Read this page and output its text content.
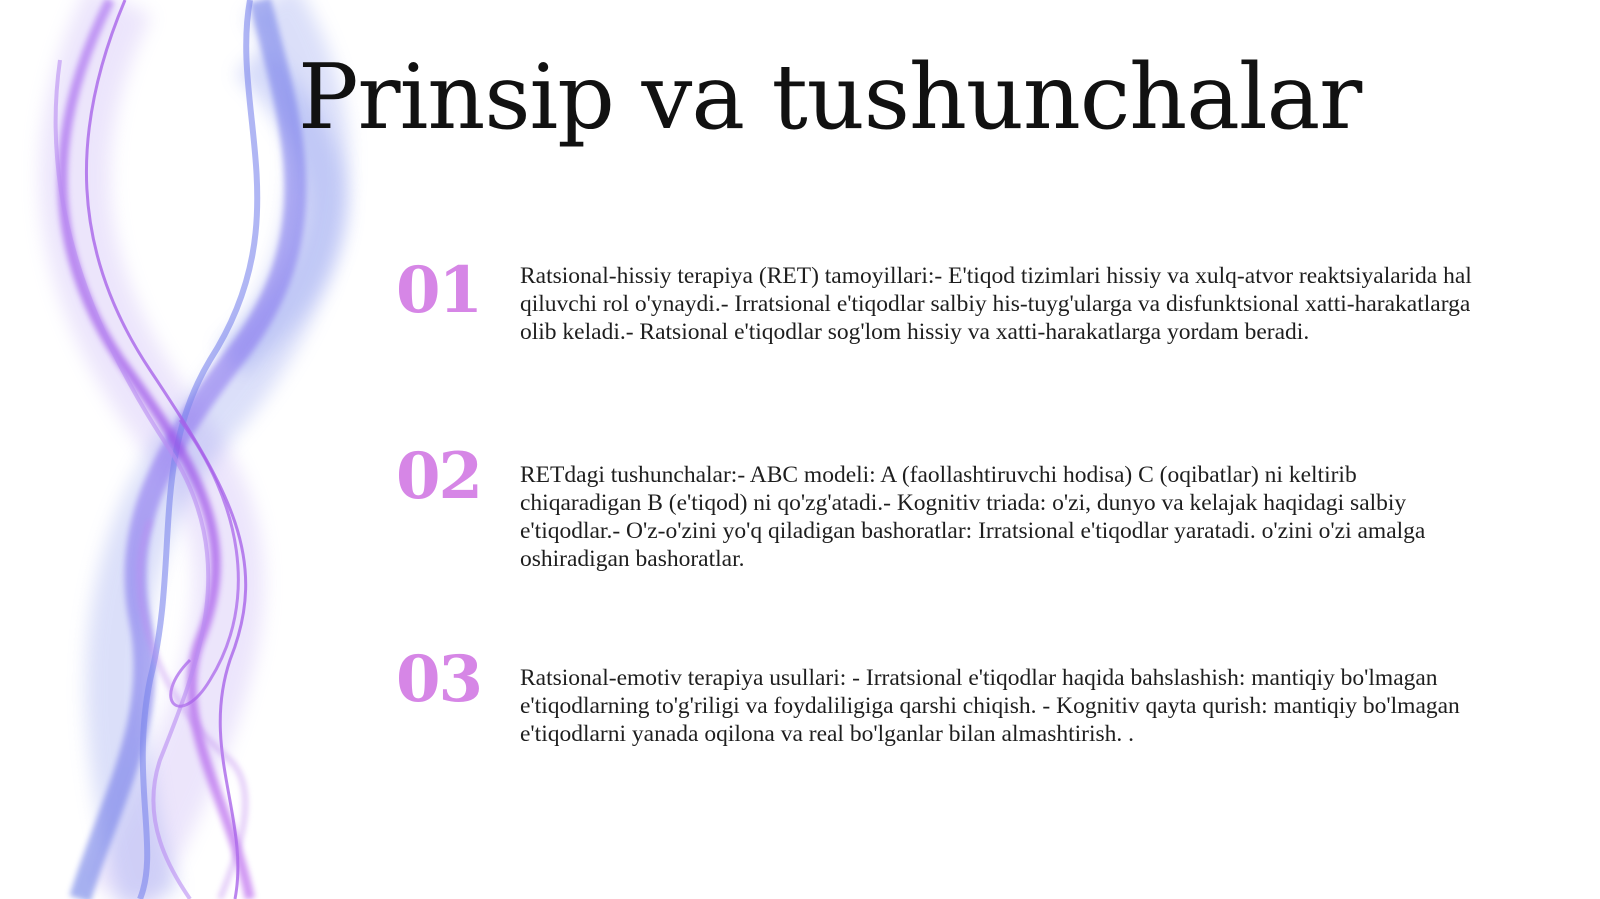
Prinsip va tushunchalar
01 Ratsional-hissiy terapiya (RET) tamoyillari:- E'tiqod tizimlari hissiy va xulq-atvor reaktsiyalarida hal qiluvchi rol o'ynaydi.- Irratsional e'tiqodlar salbiy his-tuyg'ularga va disfunktsional xatti-harakatlarga olib keladi.- Ratsional e'tiqodlar sog'lom hissiy va xatti-harakatlarga yordam beradi.

02 RETdagi tushunchalar:- ABC modeli: A (faollashtiruvchi hodisa) C (oqibatlar) ni keltirib chiqaradigan B (e'tiqod) ni qo'zg'atadi.- Kognitiv triada: o'zi, dunyo va kelajak haqidagi salbiy e'tiqodlar.- O'z-o'zini yo'q qiladigan bashoratlar: Irratsional e'tiqodlar yaratadi. o'zini o'zi amalga oshiradigan bashoratlar.

03 Ratsional-emotiv terapiya usullari: - Irratsional e'tiqodlar haqida bahslashish: mantiqiy bo'lmagan e'tiqodlarning to'g'riligi va foydaliligiga qarshi chiqish. - Kognitiv qayta qurish: mantiqiy bo'lmagan e'tiqodlarni yanada oqilona va real bo'lganlar bilan almashtirish. .
